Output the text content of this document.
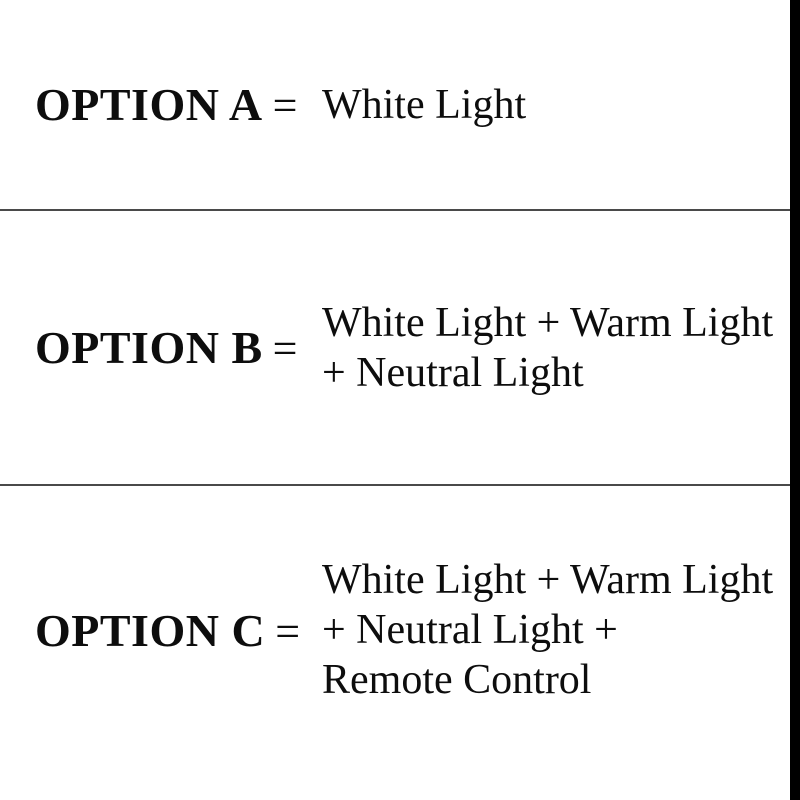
OPTION A = White Light
OPTION B =
White Light + Warm Light
+ Neutral Light
OPTION C =
White Light + Warm Light
+ Neutral Light +
Remote Control
